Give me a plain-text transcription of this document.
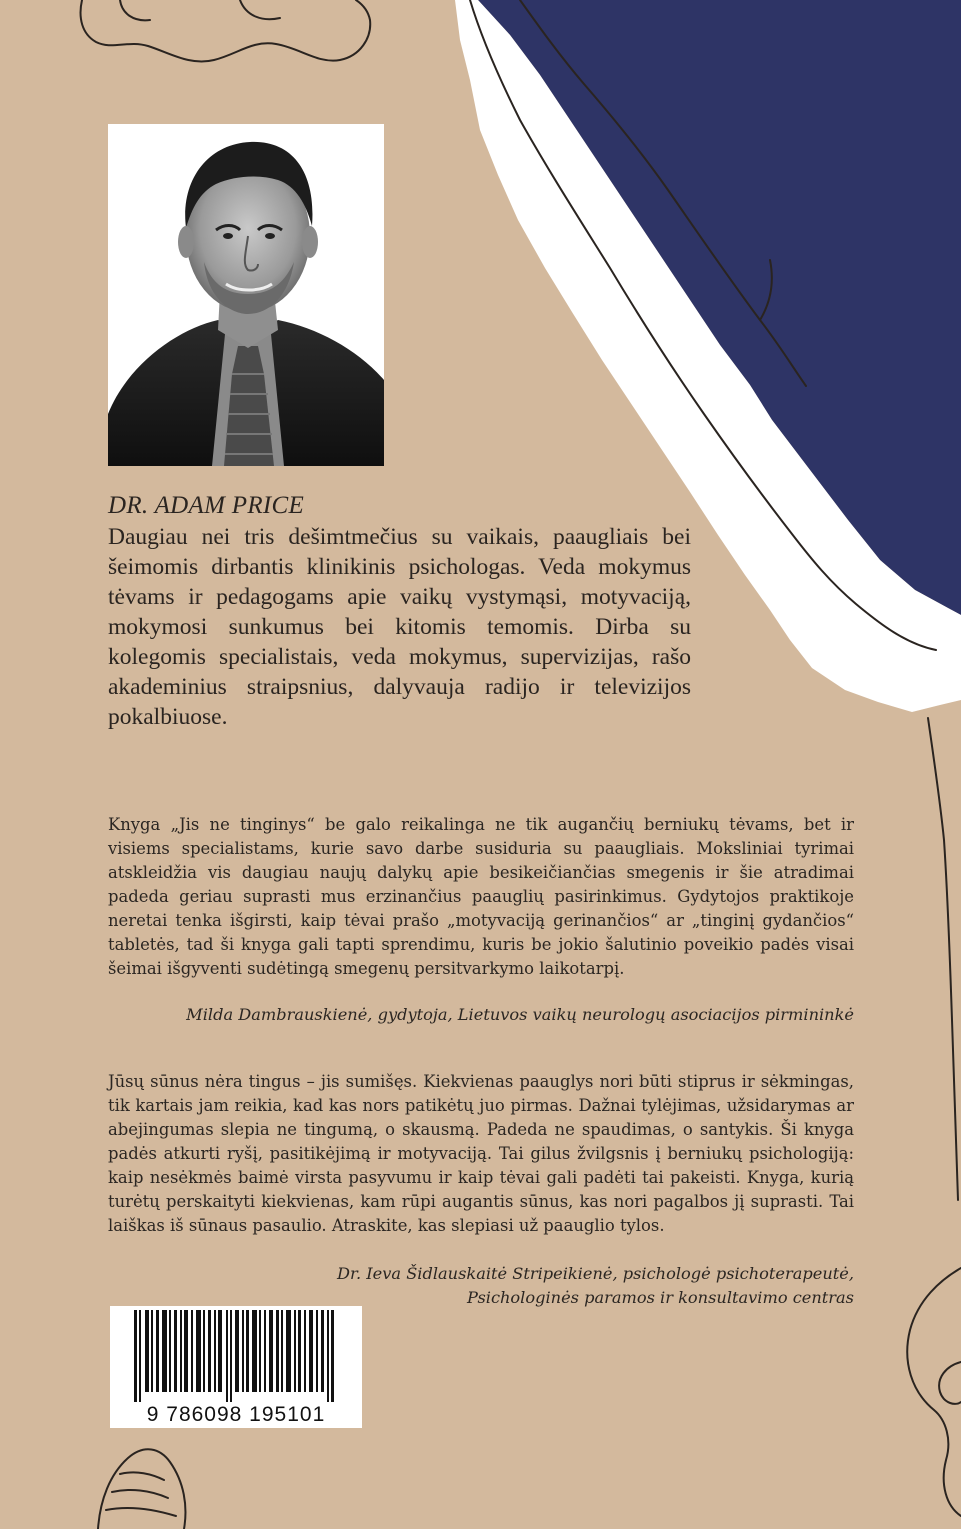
DR. ADAM PRICE

Daugiau nei tris dešimtmečius su vaikais, paaugliais bei šeimomis dirbantis klinikinis psichologas. Veda mokymus tėvams ir pedagogams apie vaikų vystymąsi, motyvaciją, mokymosi sunkumus bei kitomis temomis. Dirba su kolegomis specialistais, veda mokymus, supervizijas, rašo akademinius straipsnius, dalyvauja radijo ir televizijos pokalbiuose.

Knyga „Jis ne tinginys“ be galo reikalinga ne tik augančių berniukų tėvams, bet ir visiems specialistams, kurie savo darbe susiduria su paaugliais. Moksliniai tyrimai atskleidžia vis daugiau naujų dalykų apie besikeičiančias smegenis ir šie atradimai padeda geriau suprasti mus erzinančius paauglių pasirinkimus. Gydytojos praktikoje neretai tenka išgirsti, kaip tėvai prašo „motyvaciją gerinančios“ ar „tinginį gydančios“ tabletės, tad ši knyga gali tapti sprendimu, kuris be jokio šalutinio poveikio padės visai šeimai išgyventi sudėtingą smegenų persitvarkymo laikotarpį.

Milda Dambrauskienė, gydytoja, Lietuvos vaikų neurologų asociacijos pirmininkė

Jūsų sūnus nėra tingus – jis sumišęs. Kiekvienas paauglys nori būti stiprus ir sėkmingas, tik kartais jam reikia, kad kas nors patikėtų juo pirmas. Dažnai tylėjimas, užsidarymas ar abejingumas slepia ne tingumą, o skausmą. Padeda ne spaudimas, o santykis. Ši knyga padės atkurti ryšį, pasitikėjimą ir motyvaciją. Tai gilus žvilgsnis į berniukų psichologiją: kaip nesėkmės baimė virsta pasyvumu ir kaip tėvai gali padėti tai pakeisti. Knyga, kurią turėtų perskaityti kiekvienas, kam rūpi augantis sūnus, kas nori pagalbos jį suprasti. Tai laiškas iš sūnaus pasaulio. Atraskite, kas slepiasi už paauglio tylos.

Dr. Ieva Šidlauskaitė Stripeikienė, psichologė psichoterapeutė,
Psichologinės paramos ir konsultavimo centras
9 786098 195101
